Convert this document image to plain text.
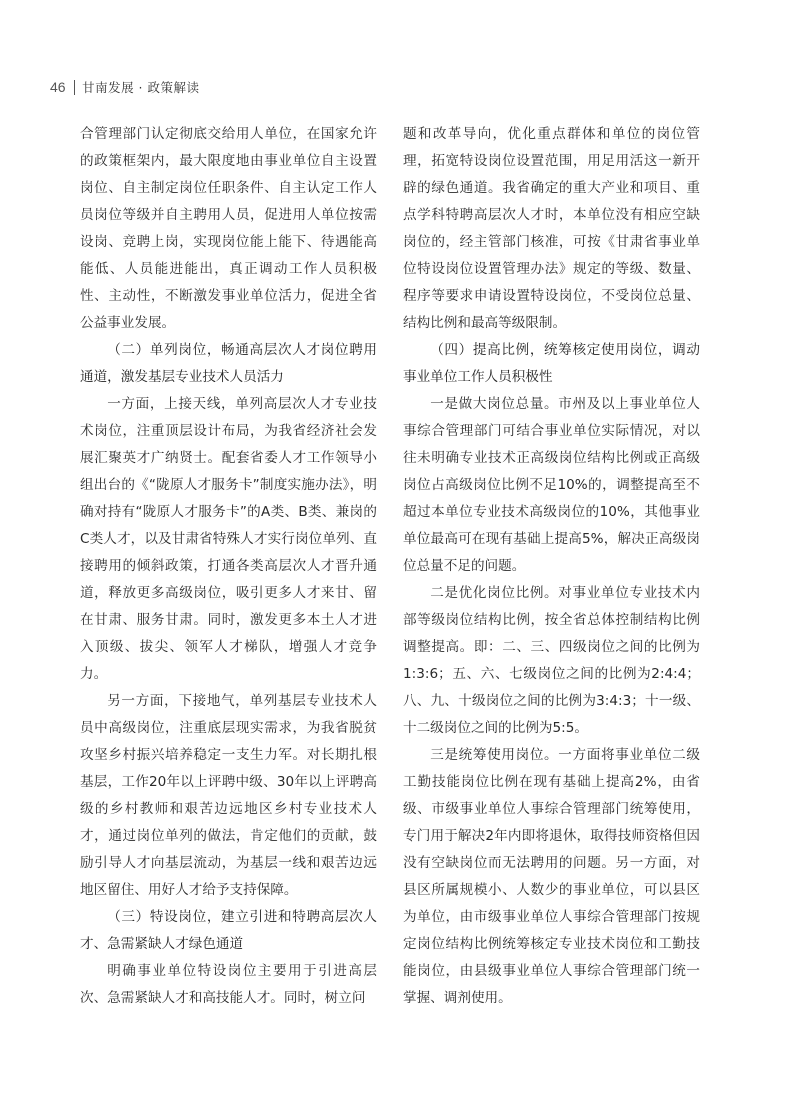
46 甘南发展 · 政策解读

合管理部门认定彻底交给用人单位，在国家允许的政策框架内，最大限度地由事业单位自主设置岗位、自主制定岗位任职条件、自主认定工作人员岗位等级并自主聘用人员，促进用人单位按需设岗、竞聘上岗，实现岗位能上能下、待遇能高能低、人员能进能出，真正调动工作人员积极性、主动性，不断激发事业单位活力，促进全省公益事业发展。

（二）单列岗位，畅通高层次人才岗位聘用通道，激发基层专业技术人员活力

一方面，上接天线，单列高层次人才专业技术岗位，注重顶层设计布局，为我省经济社会发展汇聚英才广纳贤士。配套省委人才工作领导小组出台的《“陇原人才服务卡”制度实施办法》，明确对持有“陇原人才服务卡”的A类、B类、兼岗的C类人才，以及甘肃省特殊人才实行岗位单列、直接聘用的倾斜政策，打通各类高层次人才晋升通道，释放更多高级岗位，吸引更多人才来甘、留在甘肃、服务甘肃。同时，激发更多本土人才进入顶级、拔尖、领军人才梯队，增强人才竞争力。

另一方面，下接地气，单列基层专业技术人员中高级岗位，注重底层现实需求，为我省脱贫攻坚乡村振兴培养稳定一支生力军。对长期扎根基层，工作20年以上评聘中级、30年以上评聘高级的乡村教师和艰苦边远地区乡村专业技术人才，通过岗位单列的做法，肯定他们的贡献，鼓励引导人才向基层流动，为基层一线和艰苦边远地区留住、用好人才给予支持保障。

（三）特设岗位，建立引进和特聘高层次人才、急需紧缺人才绿色通道

明确事业单位特设岗位主要用于引进高层次、急需紧缺人才和高技能人才。同时，树立问

题和改革导向，优化重点群体和单位的岗位管理，拓宽特设岗位设置范围，用足用活这一新开辟的绿色通道。我省确定的重大产业和项目、重点学科特聘高层次人才时，本单位没有相应空缺岗位的，经主管部门核准，可按《甘肃省事业单位特设岗位设置管理办法》规定的等级、数量、程序等要求申请设置特设岗位，不受岗位总量、结构比例和最高等级限制。

（四）提高比例，统筹核定使用岗位，调动事业单位工作人员积极性

一是做大岗位总量。市州及以上事业单位人事综合管理部门可结合事业单位实际情况，对以往未明确专业技术正高级岗位结构比例或正高级岗位占高级岗位比例不足10%的，调整提高至不超过本单位专业技术高级岗位的10%，其他事业单位最高可在现有基础上提高5%，解决正高级岗位总量不足的问题。

二是优化岗位比例。对事业单位专业技术内部等级岗位结构比例，按全省总体控制结构比例调整提高。即：二、三、四级岗位之间的比例为1:3:6；五、六、七级岗位之间的比例为2:4:4；八、九、十级岗位之间的比例为3:4:3；十一级、十二级岗位之间的比例为5:5。

三是统筹使用岗位。一方面将事业单位二级工勤技能岗位比例在现有基础上提高2%，由省级、市级事业单位人事综合管理部门统筹使用，专门用于解决2年内即将退休，取得技师资格但因没有空缺岗位而无法聘用的问题。另一方面，对县区所属规模小、人数少的事业单位，可以县区为单位，由市级事业单位人事综合管理部门按规定岗位结构比例统筹核定专业技术岗位和工勤技能岗位，由县级事业单位人事综合管理部门统一掌握、调剂使用。
